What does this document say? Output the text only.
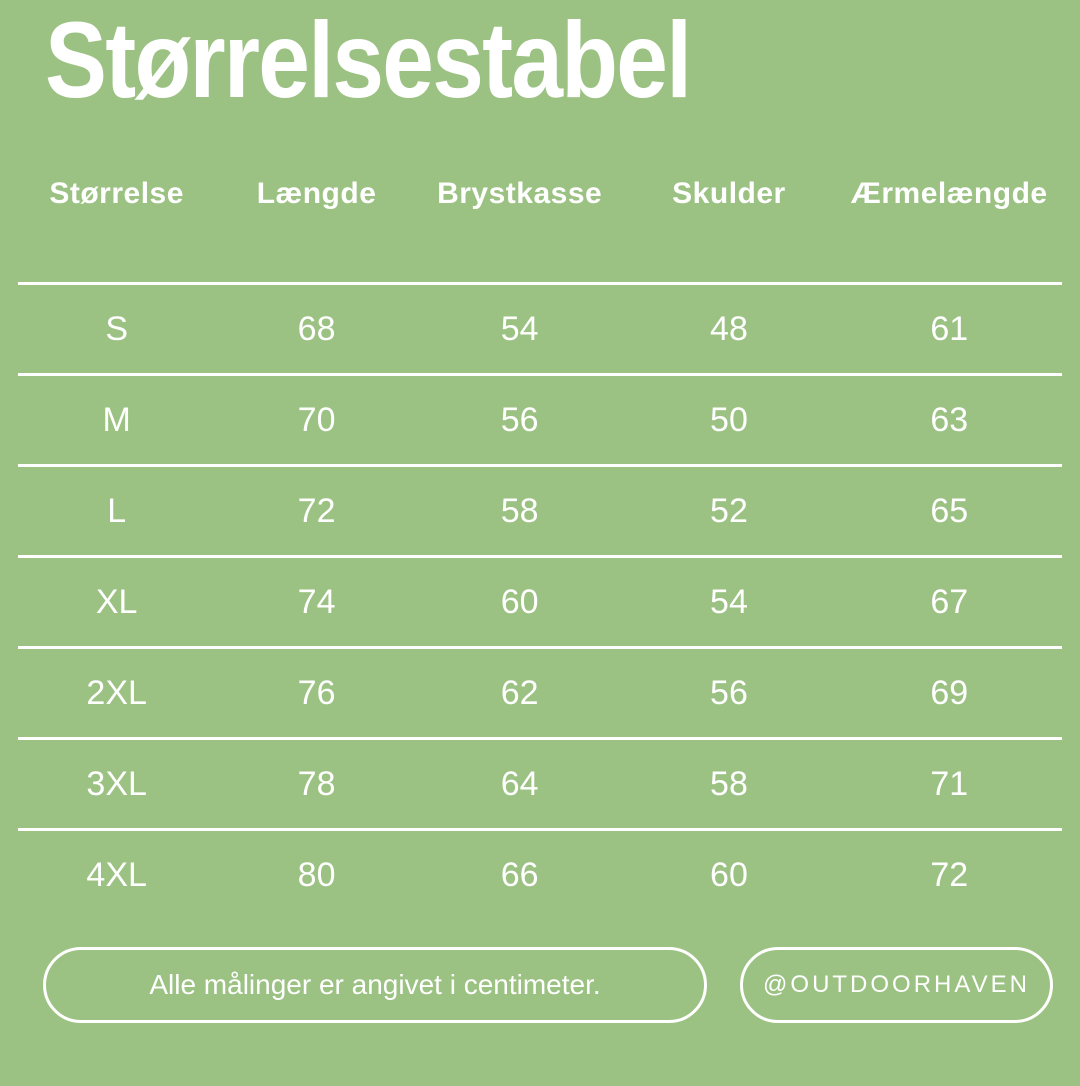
Størrelsestabel
Størrelse	Længde	Brystkasse	Skulder	Ærmelængde
S	68	54	48	61
M	70	56	50	63
L	72	58	52	65
XL	74	60	54	67
2XL	76	62	56	69
3XL	78	64	58	71
4XL	80	66	60	72
Alle målinger er angivet i centimeter.	@OUTDOORHAVEN
